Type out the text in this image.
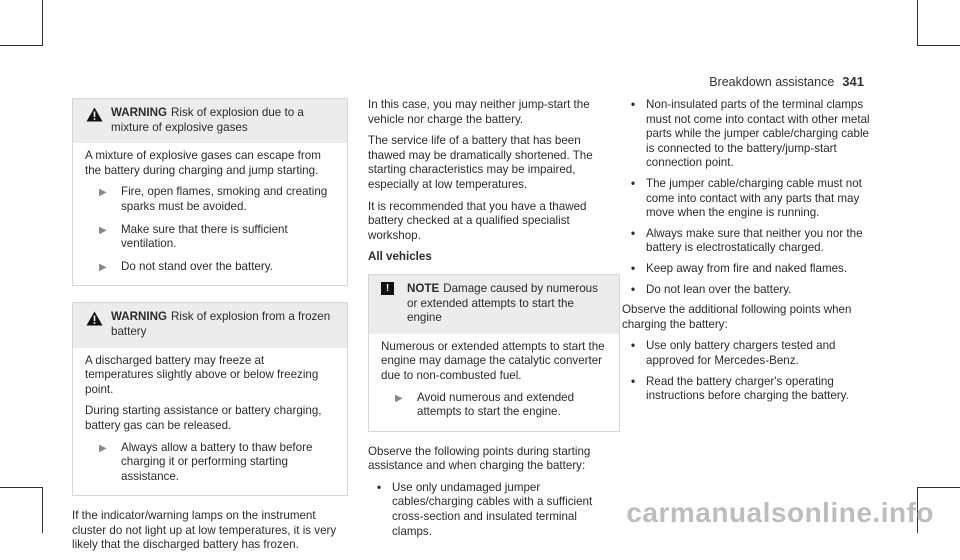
Breakdown assistance 341
WARNING Risk of explosion due to a mixture of explosive gases

A mixture of explosive gases can escape from the battery during charging and jump starting.

▶ Fire, open flames, smoking and creating sparks must be avoided.
▶ Make sure that there is sufficient ventilation.
▶ Do not stand over the battery.
WARNING Risk of explosion from a frozen battery

A discharged battery may freeze at temperatures slightly above or below freezing point.

During starting assistance or battery charging, battery gas can be released.

▶ Always allow a battery to thaw before charging it or performing starting assistance.

If the indicator/warning lamps on the instrument cluster do not light up at low temperatures, it is very likely that the discharged battery has frozen.

In this case, you may neither jump-start the vehicle nor charge the battery.

The service life of a battery that has been thawed may be dramatically shortened. The starting characteristics may be impaired, especially at low temperatures.

It is recommended that you have a thawed battery checked at a qualified specialist workshop.

All vehicles
!	NOTE Damage caused by numerous or extended attempts to start the engine

Numerous or extended attempts to start the engine may damage the catalytic converter due to non-combusted fuel.

▶ Avoid numerous and extended attempts to start the engine.

Observe the following points during starting assistance and when charging the battery:

• Use only undamaged jumper cables/charging cables with a sufficient cross-section and insulated terminal clamps.
• Non-insulated parts of the terminal clamps must not come into contact with other metal parts while the jumper cable/charging cable is connected to the battery/jump-start connection point.
• The jumper cable/charging cable must not come into contact with any parts that may move when the engine is running.
• Always make sure that neither you nor the battery is electrostatically charged.
• Keep away from fire and naked flames.
• Do not lean over the battery.

Observe the additional following points when charging the battery:

• Use only battery chargers tested and approved for Mercedes-Benz.
• Read the battery charger's operating instructions before charging the battery.
carmanualsonline.info
